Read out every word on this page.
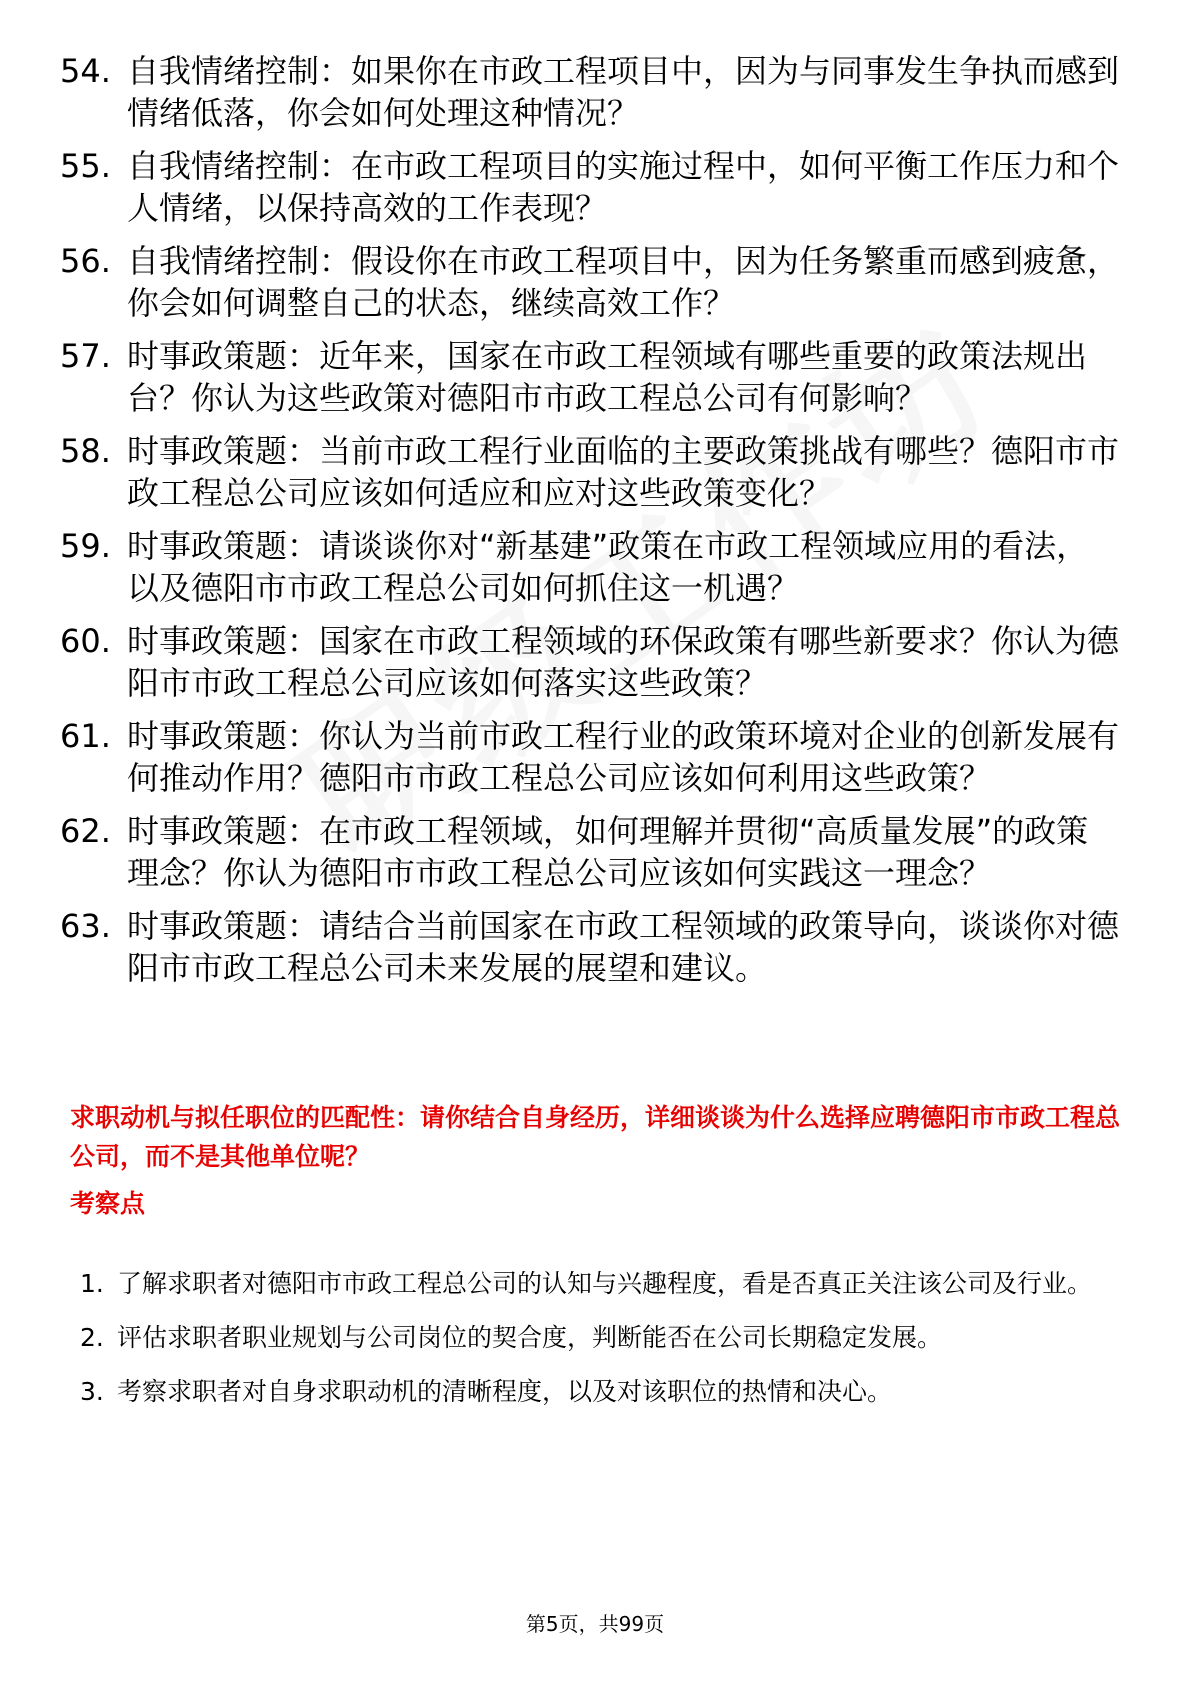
54. 自我情绪控制：如果你在市政工程项目中，因为与同事发生争执而感到情绪低落，你会如何处理这种情况？
55. 自我情绪控制：在市政工程项目的实施过程中，如何平衡工作压力和个人情绪，以保持高效的工作表现？
56. 自我情绪控制：假设你在市政工程项目中，因为任务繁重而感到疲惫，你会如何调整自己的状态，继续高效工作？
57. 时事政策题：近年来，国家在市政工程领域有哪些重要的政策法规出台？你认为这些政策对德阳市市政工程总公司有何影响？
58. 时事政策题：当前市政工程行业面临的主要政策挑战有哪些？德阳市市政工程总公司应该如何适应和应对这些政策变化？
59. 时事政策题：请谈谈你对“新基建”政策在市政工程领域应用的看法，以及德阳市市政工程总公司如何抓住这一机遇？
60. 时事政策题：国家在市政工程领域的环保政策有哪些新要求？你认为德阳市市政工程总公司应该如何落实这些政策？
61. 时事政策题：你认为当前市政工程行业的政策环境对企业的创新发展有何推动作用？德阳市市政工程总公司应该如何利用这些政策？
62. 时事政策题：在市政工程领域，如何理解并贯彻“高质量发展”的政策理念？你认为德阳市市政工程总公司应该如何实践这一理念？
63. 时事政策题：请结合当前国家在市政工程领域的政策导向，谈谈你对德阳市市政工程总公司未来发展的展望和建议。
求职动机与拟任职位的匹配性：请你结合自身经历，详细谈谈为什么选择应聘德阳市市政工程总公司，而不是其他单位呢？
考察点
1. 了解求职者对德阳市市政工程总公司的认知与兴趣程度，看是否真正关注该公司及行业。
2. 评估求职者职业规划与公司岗位的契合度，判断能否在公司长期稳定发展。
3. 考察求职者对自身求职动机的清晰程度，以及对该职位的热情和决心。
第5页，共99页
